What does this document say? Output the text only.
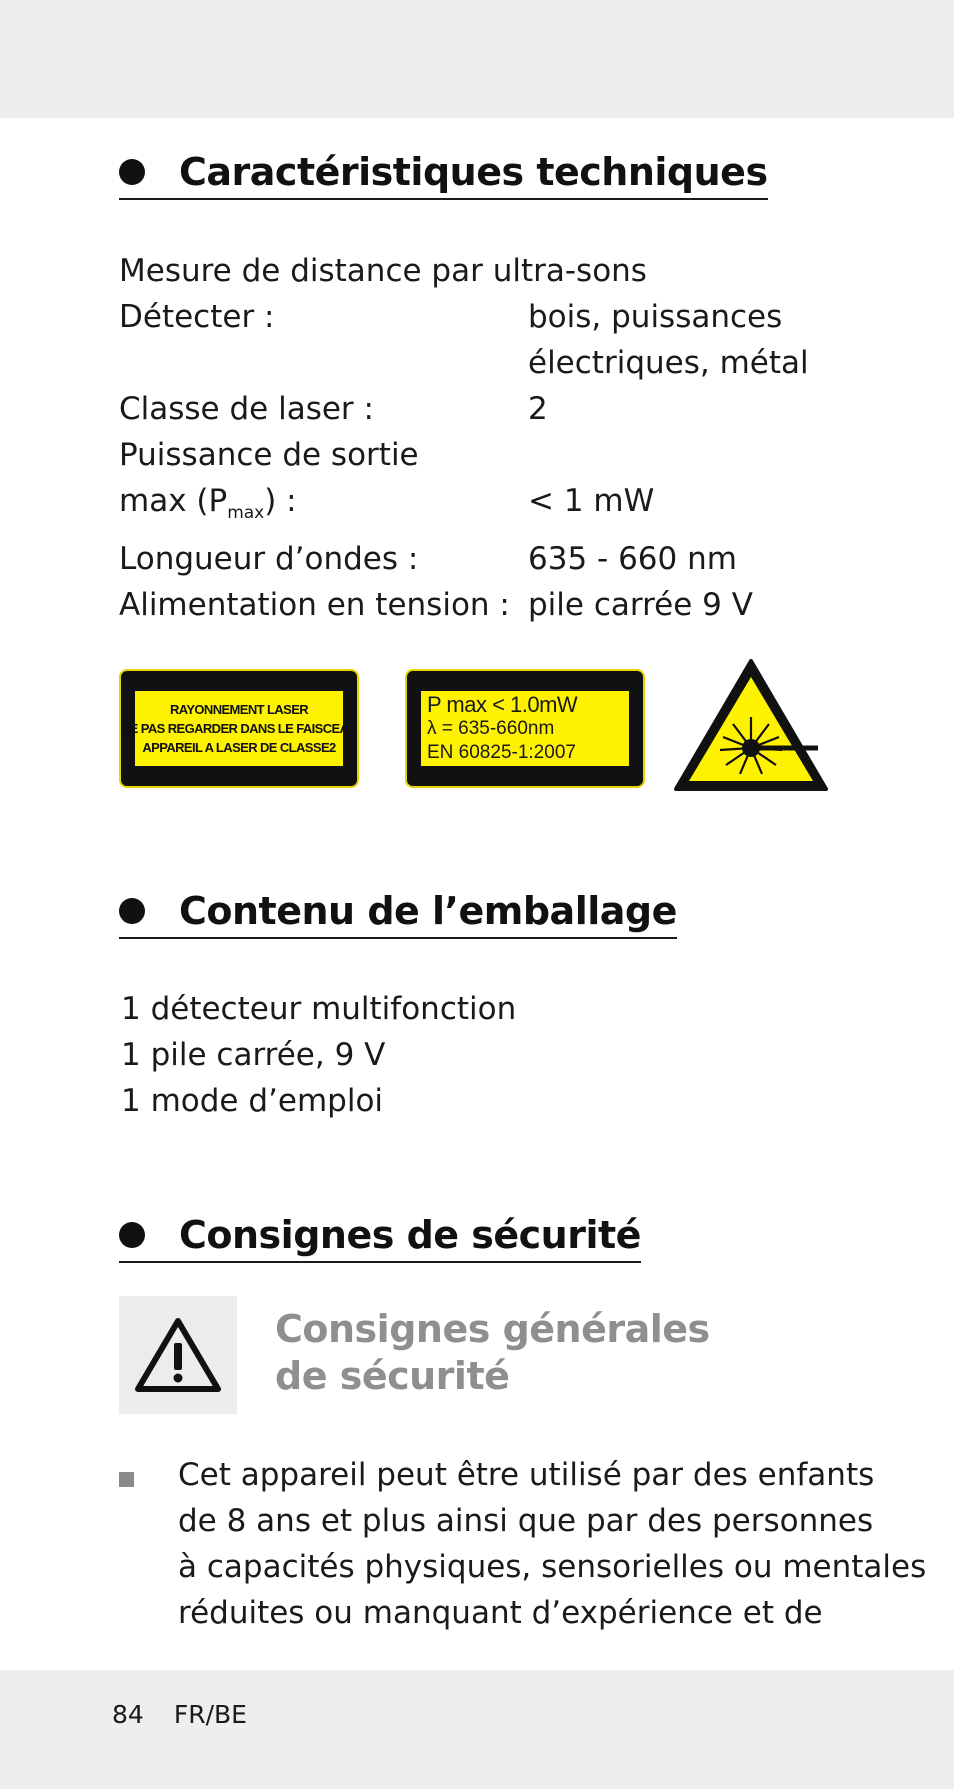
Caractéristiques techniques
Mesure de distance par ultra-sons
Détecter :	bois, puissances
électriques, métal
Classe de laser :	2
Puissance de sortie
$\max (P_{max})$ :	< 1 mW
Longueur d’ondes :	635 - 660 nm
Alimentation en tension : pile carrée 9 V
RAYONNEMENT LASER
NE PAS REGARDER DANS LE FAISCEAU
APPAREIL A LASER DE CLASSE2
P max < 1.0mW
λ = 635-660nm
EN 60825-1:2007
Contenu de l’emballage
1 détecteur multifonction
1 pile carrée, 9 V
1 mode d’emploi
Consignes de sécurité
Consignes générales
de sécurité
Cet appareil peut être utilisé par des enfants
de 8 ans et plus ainsi que par des personnes
à capacités physiques, sensorielles ou mentales
réduites ou manquant d’expérience et de
84 FR/BE
